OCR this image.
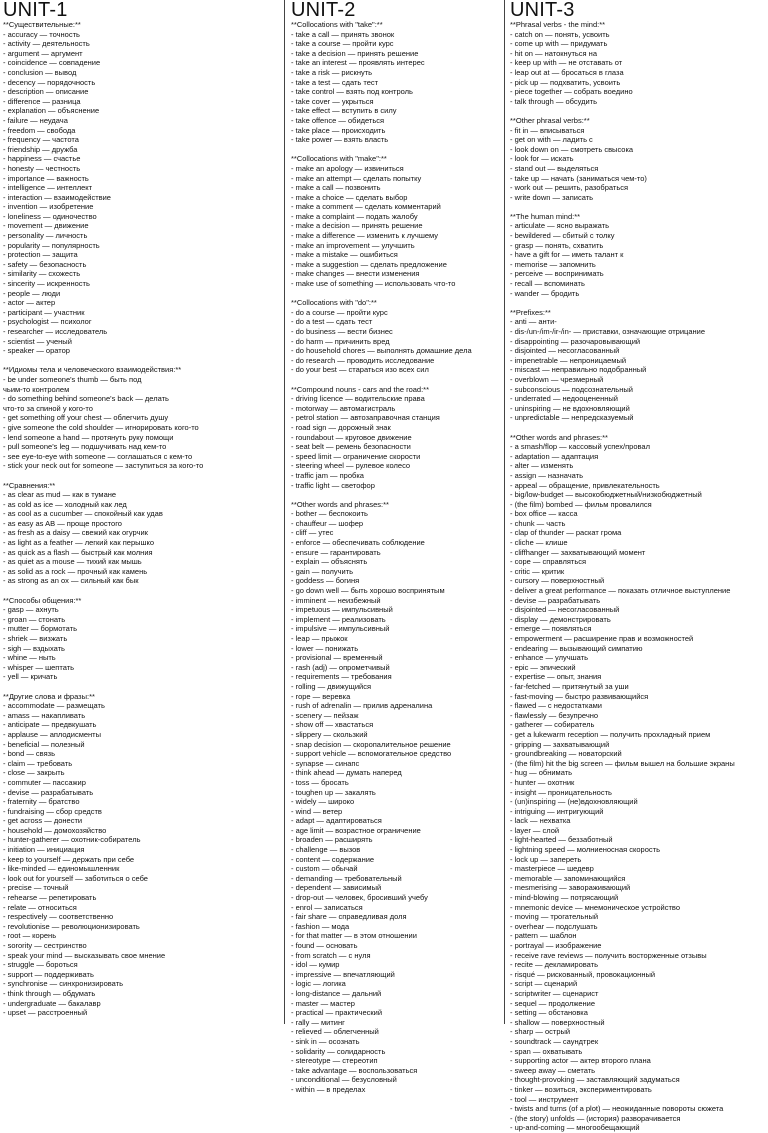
UNIT-1
**Существительные:**
- accuracy — точность
- activity — деятельность
- argument — аргумент
- coincidence — совпадение
- conclusion — вывод
- decency — порядочность
- description — описание
- difference — разница
- explanation — объяснение
- failure — неудача
- freedom — свобода
- frequency — частота
- friendship — дружба
- happiness — счастье
- honesty — честность
- importance — важность
- intelligence — интеллект
- interaction — взаимодействие
- invention — изобретение
- loneliness — одиночество
- movement — движение
- personality — личность
- popularity — популярность
- protection — защита
- safety — безопасность
- similarity — схожесть
- sincerity — искренность
- people — люди
- actor — актер
- participant — участник
- psychologist — психолог
- researcher — исследователь
- scientist — ученый
- speaker — оратор
**Идиомы тела и человеческого взаимодействия:**
- be under someone's thumb — быть под
чьим-то контролем
- do something behind someone's back — делать
что-то за спиной у кого-то
- get something off your chest — облегчить душу
- give someone the cold shoulder — игнорировать кого-то
- lend someone a hand — протянуть руку помощи
- pull someone's leg — подшучивать над кем-то
- see eye-to-eye with someone — соглашаться с кем-то
- stick your neck out for someone — заступиться за кого-то
**Сравнения:**
- as clear as mud — как в тумане
- as cold as ice — холодный как лед
- as cool as a cucumber — спокойный как удав
- as easy as AB — проще простого
- as fresh as a daisy — свежий как огурчик
- as light as a feather — легкий как перышко
- as quick as a flash — быстрый как молния
- as quiet as a mouse — тихий как мышь
- as solid as a rock — прочный как камень
- as strong as an ox — сильный как бык
**Способы общения:**
- gasp — ахнуть
- groan — стонать
- mutter — бормотать
- shriek — визжать
- sigh — вздыхать
- whine — ныть
- whisper — шептать
- yell — кричать
**Другие слова и фразы:**
- accommodate — размещать
- amass — накапливать
- anticipate — предвкушать
- applause — аплодисменты
- beneficial — полезный
- bond — связь
- claim — требовать
- close — закрыть
- commuter — пассажир
- devise — разрабатывать
- fraternity — братство
- fundraising — сбор средств
- get across — донести
- household — домохозяйство
- hunter-gatherer — охотник-собиратель
- initiation — инициация
- keep to yourself — держать при себе
- like-minded — единомышленник
- look out for yourself — заботиться о себе
- precise — точный
- rehearse — репетировать
- relate — относиться
- respectively — соответственно
- revolutionise — революционизировать
- root — корень
- sorority — сестринство
- speak your mind — высказывать свое мнение
- struggle — бороться
- support — поддерживать
- synchronise — синхронизировать
- think through — обдумать
- undergraduate — бакалавр
- upset — расстроенный
UNIT-2
**Collocations with "take":**
- take a call — принять звонок
- take a course — пройти курс
- take a decision — принять решение
- take an interest — проявлять интерес
- take a risk — рискнуть
- take a test — сдать тест
- take control — взять под контроль
- take cover — укрыться
- take effect — вступить в силу
- take offence — обидеться
- take place — происходить
- take power — взять власть
**Collocations with "make":**
- make an apology — извиниться
- make an attempt — сделать попытку
- make a call — позвонить
- make a choice — сделать выбор
- make a comment — сделать комментарий
- make a complaint — подать жалобу
- make a decision — принять решение
- make a difference — изменить к лучшему
- make an improvement — улучшить
- make a mistake — ошибиться
- make a suggestion — сделать предложение
- make changes — внести изменения
- make use of something — использовать что-то
**Collocations with "do":**
- do a course — пройти курс
- do a test — сдать тест
- do business — вести бизнес
- do harm — причинить вред
- do household chores — выполнять домашние дела
- do research — проводить исследование
- do your best — стараться изо всех сил
**Compound nouns - cars and the road:**
- driving licence — водительские права
- motorway — автомагистраль
- petrol station — автозаправочная станция
- road sign — дорожный знак
- roundabout — круговое движение
- seat belt — ремень безопасности
- speed limit — ограничение скорости
- steering wheel — рулевое колесо
- traffic jam — пробка
- traffic light — светофор
**Other words and phrases:**
- bother — беспокоить
- chauffeur — шофер
- cliff — утес
- enforce — обеспечивать соблюдение
- ensure — гарантировать
- explain — объяснять
- gain — получить
- goddess — богиня
- go down well — быть хорошо воспринятым
- imminent — неизбежный
- impetuous — импульсивный
- implement — реализовать
- impulsive — импульсивный
- leap — прыжок
- lower — понижать
- provisional — временный
- rash (adj) — опрометчивый
- requirements — требования
- rolling — движущийся
- rope — веревка
- rush of adrenalin — прилив адреналина
- scenery — пейзаж
- show off — хвастаться
- slippery — скользкий
- snap decision — скоропалительное решение
- support vehicle — вспомогательное средство
- synapse — синапс
- think ahead — думать наперед
- toss — бросать
- toughen up — закалять
- widely — широко
- wind — ветер
- adapt — адаптироваться
- age limit — возрастное ограничение
- broaden — расширять
- challenge — вызов
- content — содержание
- custom — обычай
- demanding — требовательный
- dependent — зависимый
- drop-out — человек, бросивший учебу
- enrol — записаться
- fair share — справедливая доля
- fashion — мода
- for that matter — в этом отношении
- found — основать
- from scratch — с нуля
- idol — кумир
- impressive — впечатляющий
- logic — логика
- long-distance — дальний
- master — мастер
- practical — практический
- rally — митинг
- relieved — облегченный
- sink in — осознать
- solidarity — солидарность
- stereotype — стереотип
- take advantage — воспользоваться
- unconditional — безусловный
- within — в пределах
UNIT-3
**Phrasal verbs - the mind:**
- catch on — понять, усвоить
- come up with — придумать
- hit on — натокнуться на
- keep up with — не отставать от
- leap out at — бросаться в глаза
- pick up — подхватить, усвоить
- piece together — собрать воедино
- talk through — обсудить
**Other phrasal verbs:**
- fit in — вписываться
- get on with — ладить с
- look down on — смотреть свысока
- look for — искать
- stand out — выделяться
- take up — начать (заниматься чем-то)
- work out — решить, разобраться
- write down — записать
**The human mind:**
- articulate — ясно выражать
- bewildered — сбитый с толку
- grasp — понять, схватить
- have a gift for — иметь талант к
- memorise — запомнить
- perceive — воспринимать
- recall — вспоминать
- wander — бродить
**Prefixes:**
- anti — анти-
- dis-/un-/im-/ir-/in- — приставки, означающие отрицание
- disappointing — разочаровывающий
- disjointed — несогласованный
- impenetrable — непроницаемый
- miscast — неправильно подобранный
- overblown — чрезмерный
- subconscious — подсознательный
- underrated — недооцененный
- uninspiring — не вдохновляющий
- unpredictable — непредсказуемый
**Other words and phrases:**
- a smash/flop — кассовый успех/провал
- adaptation — адаптация
- alter — изменять
- assign — назначать
- appeal — обращение, привлекательность
- big/low-budget — высокобюджетный/низкобюджетный
- (the film) bombed — фильм провалился
- box office — касса
- chunk — часть
- clap of thunder — раскат грома
- cliche — клише
- cliffhanger — захватывающий момент
- cope — справляться
- critic — критик
- cursory — поверхностный
- deliver a great performance — показать отличное выступление
- devise — разрабатывать
- disjointed — несогласованный
- display — демонстрировать
- emerge — появляться
- empowerment — расширение прав и возможностей
- endearing — вызывающий симпатию
- enhance — улучшать
- epic — эпический
- expertise — опыт, знания
- far-fetched — притянутый за уши
- fast-moving — быстро развивающийся
- flawed — с недостатками
- flawlessly — безупречно
- gatherer — собиратель
- get a lukewarm reception — получить прохладный прием
- gripping — захватывающий
- groundbreaking — новаторский
- (the film) hit the big screen — фильм вышел на большие экраны
- hug — обнимать
- hunter — охотник
- insight — проницательность
- (un)inspiring — (не)вдохновляющий
- intriguing — интригующий
- lack — нехватка
- layer — слой
- light-hearted — беззаботный
- lightning speed — молниеносная скорость
- lock up — запереть
- masterpiece — шедевр
- memorable — запоминающийся
- mesmerising — завораживающий
- mind-blowing — потрясающий
- mnemonic device — мнемоническое устройство
- moving — трогательный
- overhear — подслушать
- pattern — шаблон
- portrayal — изображение
- receive rave reviews — получить восторженные отзывы
- recite — декламировать
- risqué — рискованный, провокационный
- script — сценарий
- scriptwriter — сценарист
- sequel — продолжение
- setting — обстановка
- shallow — поверхностный
- sharp — острый
- soundtrack — саундтрек
- span — охватывать
- supporting actor — актер второго плана
- sweep away — сметать
- thought-provoking — заставляющий задуматься
- tinker — возиться, экспериментировать
- tool — инструмент
- twists and turns (of a plot) — неожиданные повороты сюжета
- (the story) unfolds — (история) разворачивается
- up-and-coming — многообещающий
